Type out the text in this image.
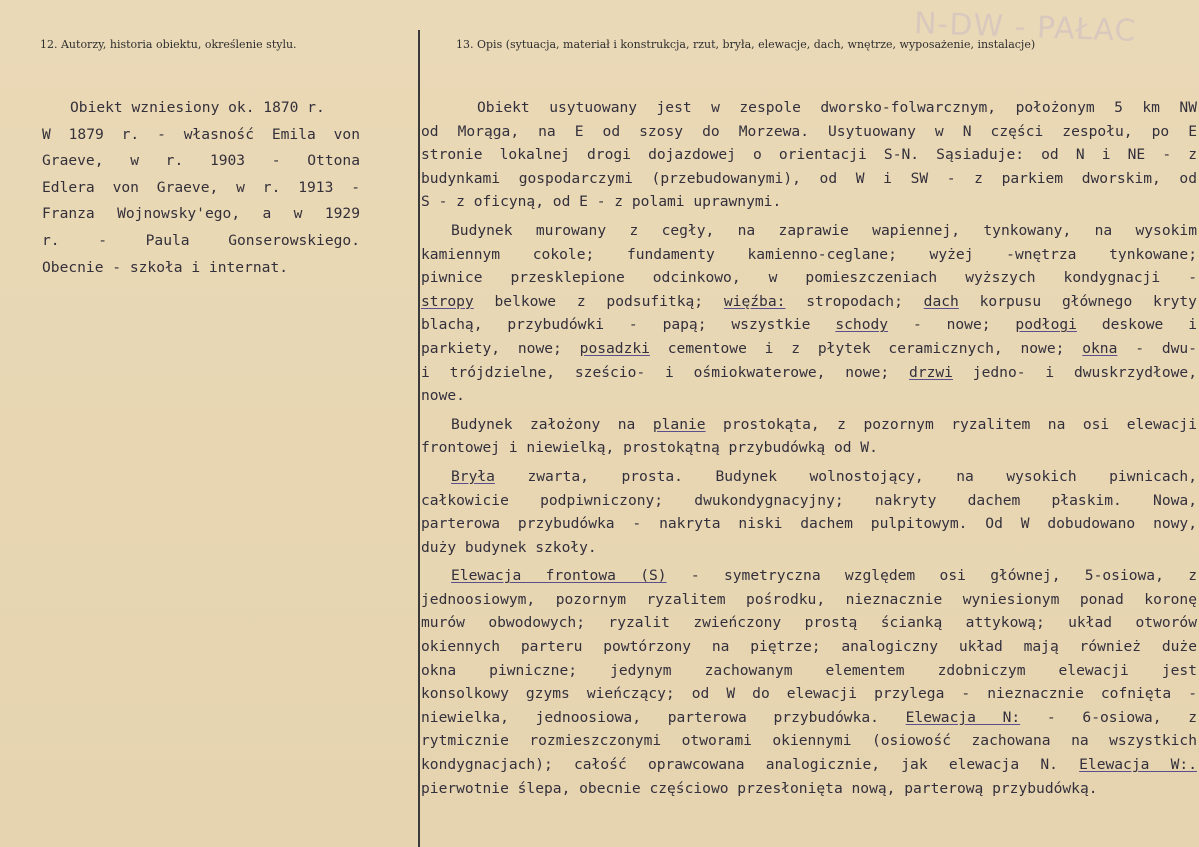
12. Autorzy, historia obiektu, określenie stylu.	13. Opis (sytuacja, materiał i konstrukcja, rzut, bryła, elewacje, dach, wnętrze, wyposażenie, instalacje)
N-DW - PAŁAC
Obiekt wzniesiony ok. 1870 r.
W 1879 r. - własność Emila von
Graeve, w r. 1903 - Ottona
Edlera von Graeve, w r. 1913 -
Franza Wojnowsky'ego, a w 1929
r. - Paula Gonserowskiego.
Obecnie - szkoła i internat.
Obiekt usytuowany jest w zespole dworsko-folwarcznym, położonym 5 km NW
od Morąga, na E od szosy do Morzewa. Usytuowany w N części zespołu, po E
stronie lokalnej drogi dojazdowej o orientacji S-N. Sąsiaduje: od N i NE - z
budynkami gospodarczymi (przebudowanymi), od W i SW - z parkiem dworskim, od
S - z oficyną, od E - z polami uprawnymi.
Budynek murowany z cegły, na zaprawie wapiennej, tynkowany, na wysokim
kamiennym cokole; fundamenty kamienno-ceglane; wyżej -wnętrza tynkowane;
piwnice przesklepione odcinkowo, w pomieszczeniach wyższych kondygnacji -
stropy belkowe z podsufitką; więźba: stropodach; dach korpusu głównego kryty
blachą, przybudówki - papą; wszystkie schody - nowe; podłogi deskowe i
parkiety, nowe; posadzki cementowe i z płytek ceramicznych, nowe; okna - dwu-
i trójdzielne, sześcio- i ośmiokwaterowe, nowe; drzwi jedno- i dwuskrzydłowe,
nowe.
Budynek założony na planie prostokąta, z pozornym ryzalitem na osi elewacji
frontowej i niewielką, prostokątną przybudówką od W.
Bryła zwarta, prosta. Budynek wolnostojący, na wysokich piwnicach,
całkowicie podpiwniczony; dwukondygnacyjny; nakryty dachem płaskim. Nowa,
parterowa przybudówka - nakryta niski dachem pulpitowym. Od W dobudowano nowy,
duży budynek szkoły.
Elewacja frontowa (S) - symetryczna względem osi głównej, 5-osiowa, z
jednoosiowym, pozornym ryzalitem pośrodku, nieznacznie wyniesionym ponad koronę
murów obwodowych; ryzalit zwieńczony prostą ścianką attykową; układ otworów
okiennych parteru powtórzony na piętrze; analogiczny układ mają również duże
okna piwniczne; jedynym zachowanym elementem zdobniczym elewacji jest
konsolkowy gzyms wieńczący; od W do elewacji przylega - nieznacznie cofnięta -
niewielka, jednoosiowa, parterowa przybudówka. Elewacja N: - 6-osiowa, z
rytmicznie rozmieszczonymi otworami okiennymi (osiowość zachowana na wszystkich
kondygnacjach); całość oprawcowana analogicznie, jak elewacja N. Elewacja W:.
pierwotnie ślepa, obecnie częściowo przesłonięta nową, parterową przybudówką.
